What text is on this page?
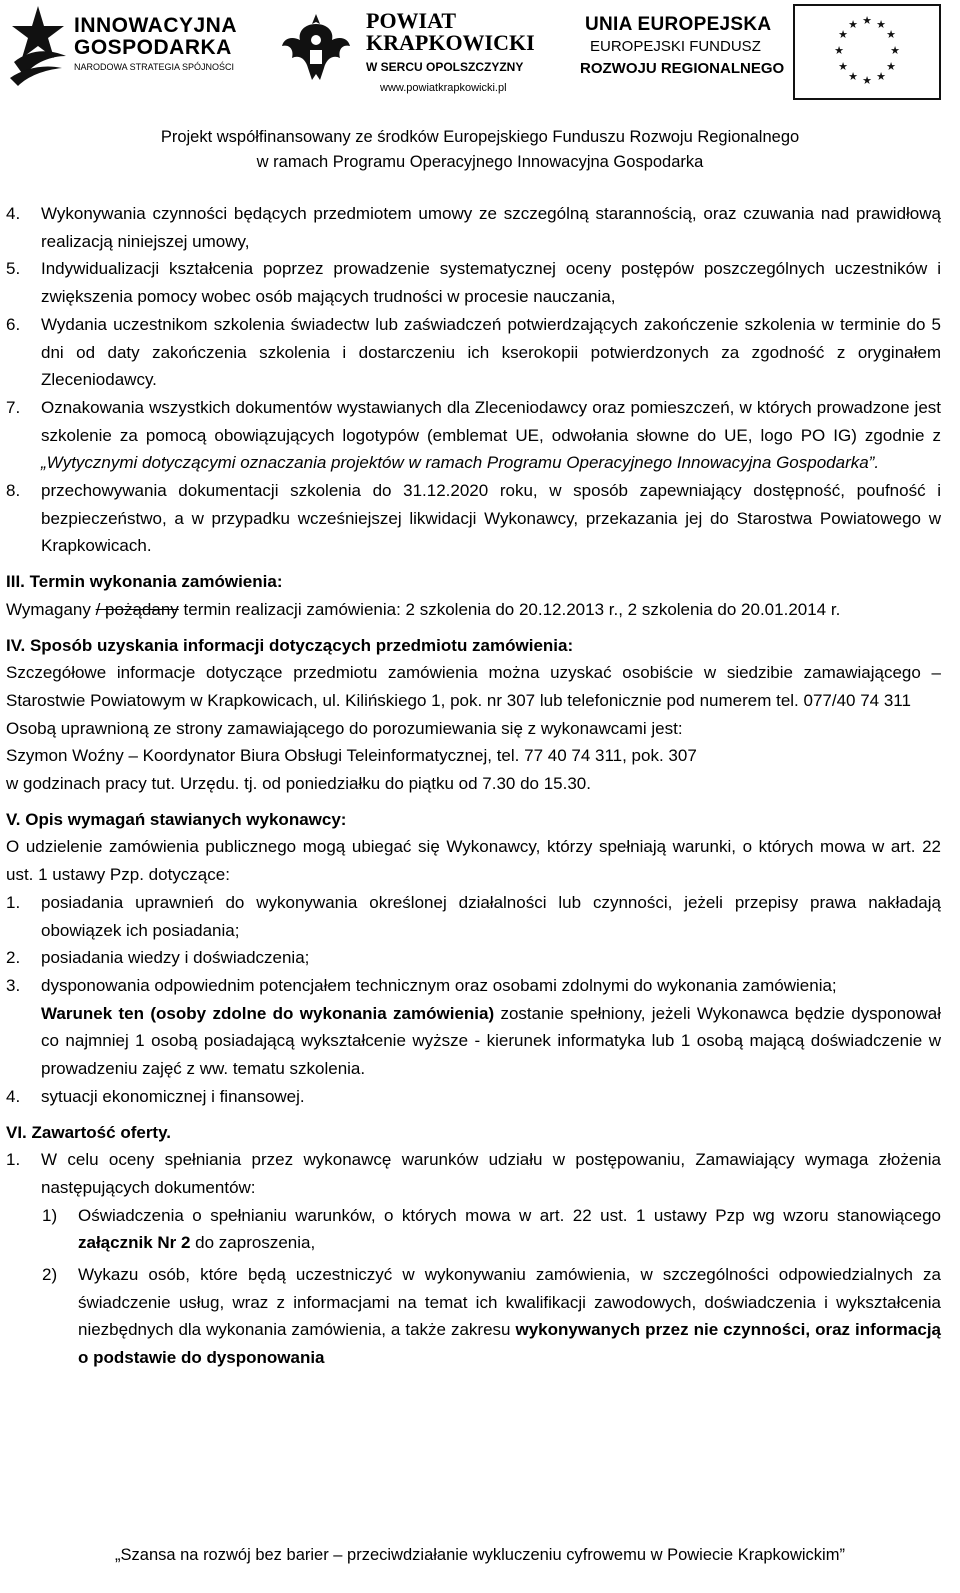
INNOWACYJNA
GOSPODARKA
NARODOWA STRATEGIA SPÓJNOŚCI
POWIAT
KRAPKOWICKI
W SERCU OPOLSZCZYZNY
www.powiatkrapkowicki.pl
UNIA EUROPEJSKA
EUROPEJSKI FUNDUSZ
ROZWOJU REGIONALNEGO
★ ★
★
★
★
★
★
★
★
★
★
★
Projekt współfinansowany ze środków Europejskiego Funduszu Rozwoju Regionalnego
w ramach Programu Operacyjnego Innowacyjna Gospodarka
4. Wykonywania czynności będących przedmiotem umowy ze szczególną starannością, oraz czuwania nad prawidłową realizacją niniejszej umowy,
5. Indywidualizacji kształcenia poprzez prowadzenie systematycznej oceny postępów poszczególnych uczestników i zwiększenia pomocy wobec osób mających trudności w procesie nauczania,
6. Wydania uczestnikom szkolenia świadectw lub zaświadczeń potwierdzających zakończenie szkolenia w terminie do 5 dni od daty zakończenia szkolenia i dostarczeniu ich kserokopii potwierdzonych za zgodność z oryginałem Zleceniodawcy.
7. Oznakowania wszystkich dokumentów wystawianych dla Zleceniodawcy oraz pomieszczeń, w których prowadzone jest szkolenie za pomocą obowiązujących logotypów (emblemat UE, odwołania słowne do UE, logo PO IG) zgodnie z „Wytycznymi dotyczącymi oznaczania projektów w ramach Programu Operacyjnego Innowacyjna Gospodarka”.
8. przechowywania dokumentacji szkolenia do 31.12.2020 roku, w sposób zapewniający dostępność, poufność i bezpieczeństwo, a w przypadku wcześniejszej likwidacji Wykonawcy, przekazania jej do Starostwa Powiatowego w Krapkowicach.
III. Termin wykonania zamówienia:
Wymagany / pożądany termin realizacji zamówienia: 2 szkolenia do 20.12.2013 r., 2 szkolenia do 20.01.2014 r.
IV. Sposób uzyskania informacji dotyczących przedmiotu zamówienia:
Szczegółowe informacje dotyczące przedmiotu zamówienia można uzyskać osobiście w siedzibie zamawiającego – Starostwie Powiatowym w Krapkowicach, ul. Kilińskiego 1, pok. nr 307 lub telefonicznie pod numerem tel. 077/40 74 311
Osobą uprawnioną ze strony zamawiającego do porozumiewania się z wykonawcami jest:
Szymon Woźny – Koordynator Biura Obsługi Teleinformatycznej, tel. 77 40 74 311, pok. 307
w godzinach pracy tut. Urzędu. tj. od poniedziałku do piątku od 7.30 do 15.30.
V. Opis wymagań stawianych wykonawcy:
O udzielenie zamówienia publicznego mogą ubiegać się Wykonawcy, którzy spełniają warunki, o których mowa w art. 22 ust. 1 ustawy Pzp. dotyczące:
1. posiadania uprawnień do wykonywania określonej działalności lub czynności, jeżeli przepisy prawa nakładają obowiązek ich posiadania;
2. posiadania wiedzy i doświadczenia;
3. dysponowania odpowiednim potencjałem technicznym oraz osobami zdolnymi do wykonania zamówienia;
Warunek ten (osoby zdolne do wykonania zamówienia) zostanie spełniony, jeżeli Wykonawca będzie dysponował co najmniej 1 osobą posiadającą wykształcenie wyższe - kierunek informatyka lub 1 osobą mającą doświadczenie w prowadzeniu zajęć z ww. tematu szkolenia.
4. sytuacji ekonomicznej i finansowej.
VI. Zawartość oferty.
1. W celu oceny spełniania przez wykonawcę warunków udziału w postępowaniu, Zamawiający wymaga złożenia następujących dokumentów:
1) Oświadczenia o spełnianiu warunków, o których mowa w art. 22 ust. 1 ustawy Pzp wg wzoru stanowiącego załącznik Nr 2 do zaproszenia,
2) Wykazu osób, które będą uczestniczyć w wykonywaniu zamówienia, w szczególności odpowiedzialnych za świadczenie usług, wraz z informacjami na temat ich kwalifikacji zawodowych, doświadczenia i wykształcenia niezbędnych dla wykonania zamówienia, a także zakresu wykonywanych przez nie czynności, oraz informacją o podstawie do dysponowania
„Szansa na rozwój bez barier – przeciwdziałanie wykluczeniu cyfrowemu w Powiecie Krapkowickim”
